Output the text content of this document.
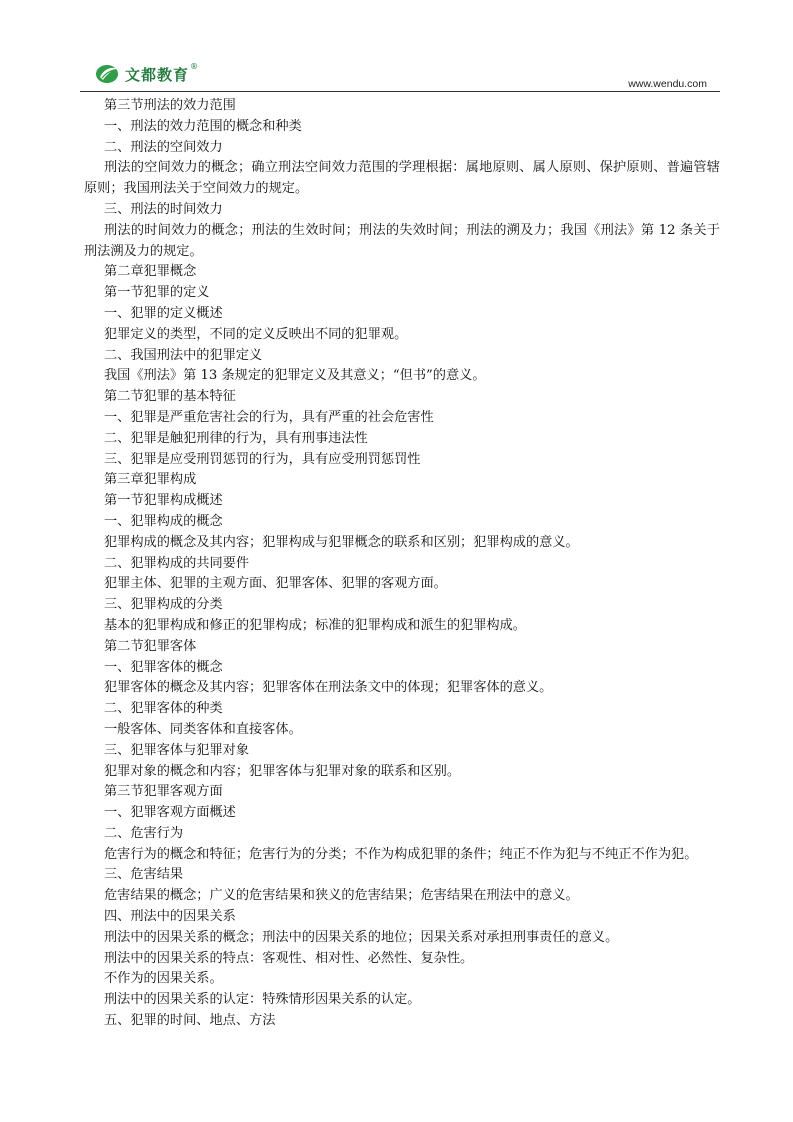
文都教育 ®
www.wendu.com
第三节刑法的效力范围
一、刑法的效力范围的概念和种类
二、刑法的空间效力
刑法的空间效力的概念；确立刑法空间效力范围的学理根据：属地原则、属人原则、保护原则、普遍管辖原则；我国刑法关于空间效力的规定。
三、刑法的时间效力
刑法的时间效力的概念；刑法的生效时间；刑法的失效时间；刑法的溯及力；我国《刑法》第 12 条关于刑法溯及力的规定。
第二章犯罪概念
第一节犯罪的定义
一、犯罪的定义概述
犯罪定义的类型，不同的定义反映出不同的犯罪观。
二、我国刑法中的犯罪定义
我国《刑法》第 13 条规定的犯罪定义及其意义；“但书”的意义。
第二节犯罪的基本特征
一、犯罪是严重危害社会的行为，具有严重的社会危害性
二、犯罪是触犯刑律的行为，具有刑事违法性
三、犯罪是应受刑罚惩罚的行为，具有应受刑罚惩罚性
第三章犯罪构成
第一节犯罪构成概述
一、犯罪构成的概念
犯罪构成的概念及其内容；犯罪构成与犯罪概念的联系和区别；犯罪构成的意义。
二、犯罪构成的共同要件
犯罪主体、犯罪的主观方面、犯罪客体、犯罪的客观方面。
三、犯罪构成的分类
基本的犯罪构成和修正的犯罪构成；标准的犯罪构成和派生的犯罪构成。
第二节犯罪客体
一、犯罪客体的概念
犯罪客体的概念及其内容；犯罪客体在刑法条文中的体现；犯罪客体的意义。
二、犯罪客体的种类
一般客体、同类客体和直接客体。
三、犯罪客体与犯罪对象
犯罪对象的概念和内容；犯罪客体与犯罪对象的联系和区别。
第三节犯罪客观方面
一、犯罪客观方面概述
二、危害行为
危害行为的概念和特征；危害行为的分类；不作为构成犯罪的条件；纯正不作为犯与不纯正不作为犯。
三、危害结果
危害结果的概念；广义的危害结果和狭义的危害结果；危害结果在刑法中的意义。
四、刑法中的因果关系
刑法中的因果关系的概念；刑法中的因果关系的地位；因果关系对承担刑事责任的意义。
刑法中的因果关系的特点：客观性、相对性、必然性、复杂性。
不作为的因果关系。
刑法中的因果关系的认定：特殊情形因果关系的认定。
五、犯罪的时间、地点、方法
